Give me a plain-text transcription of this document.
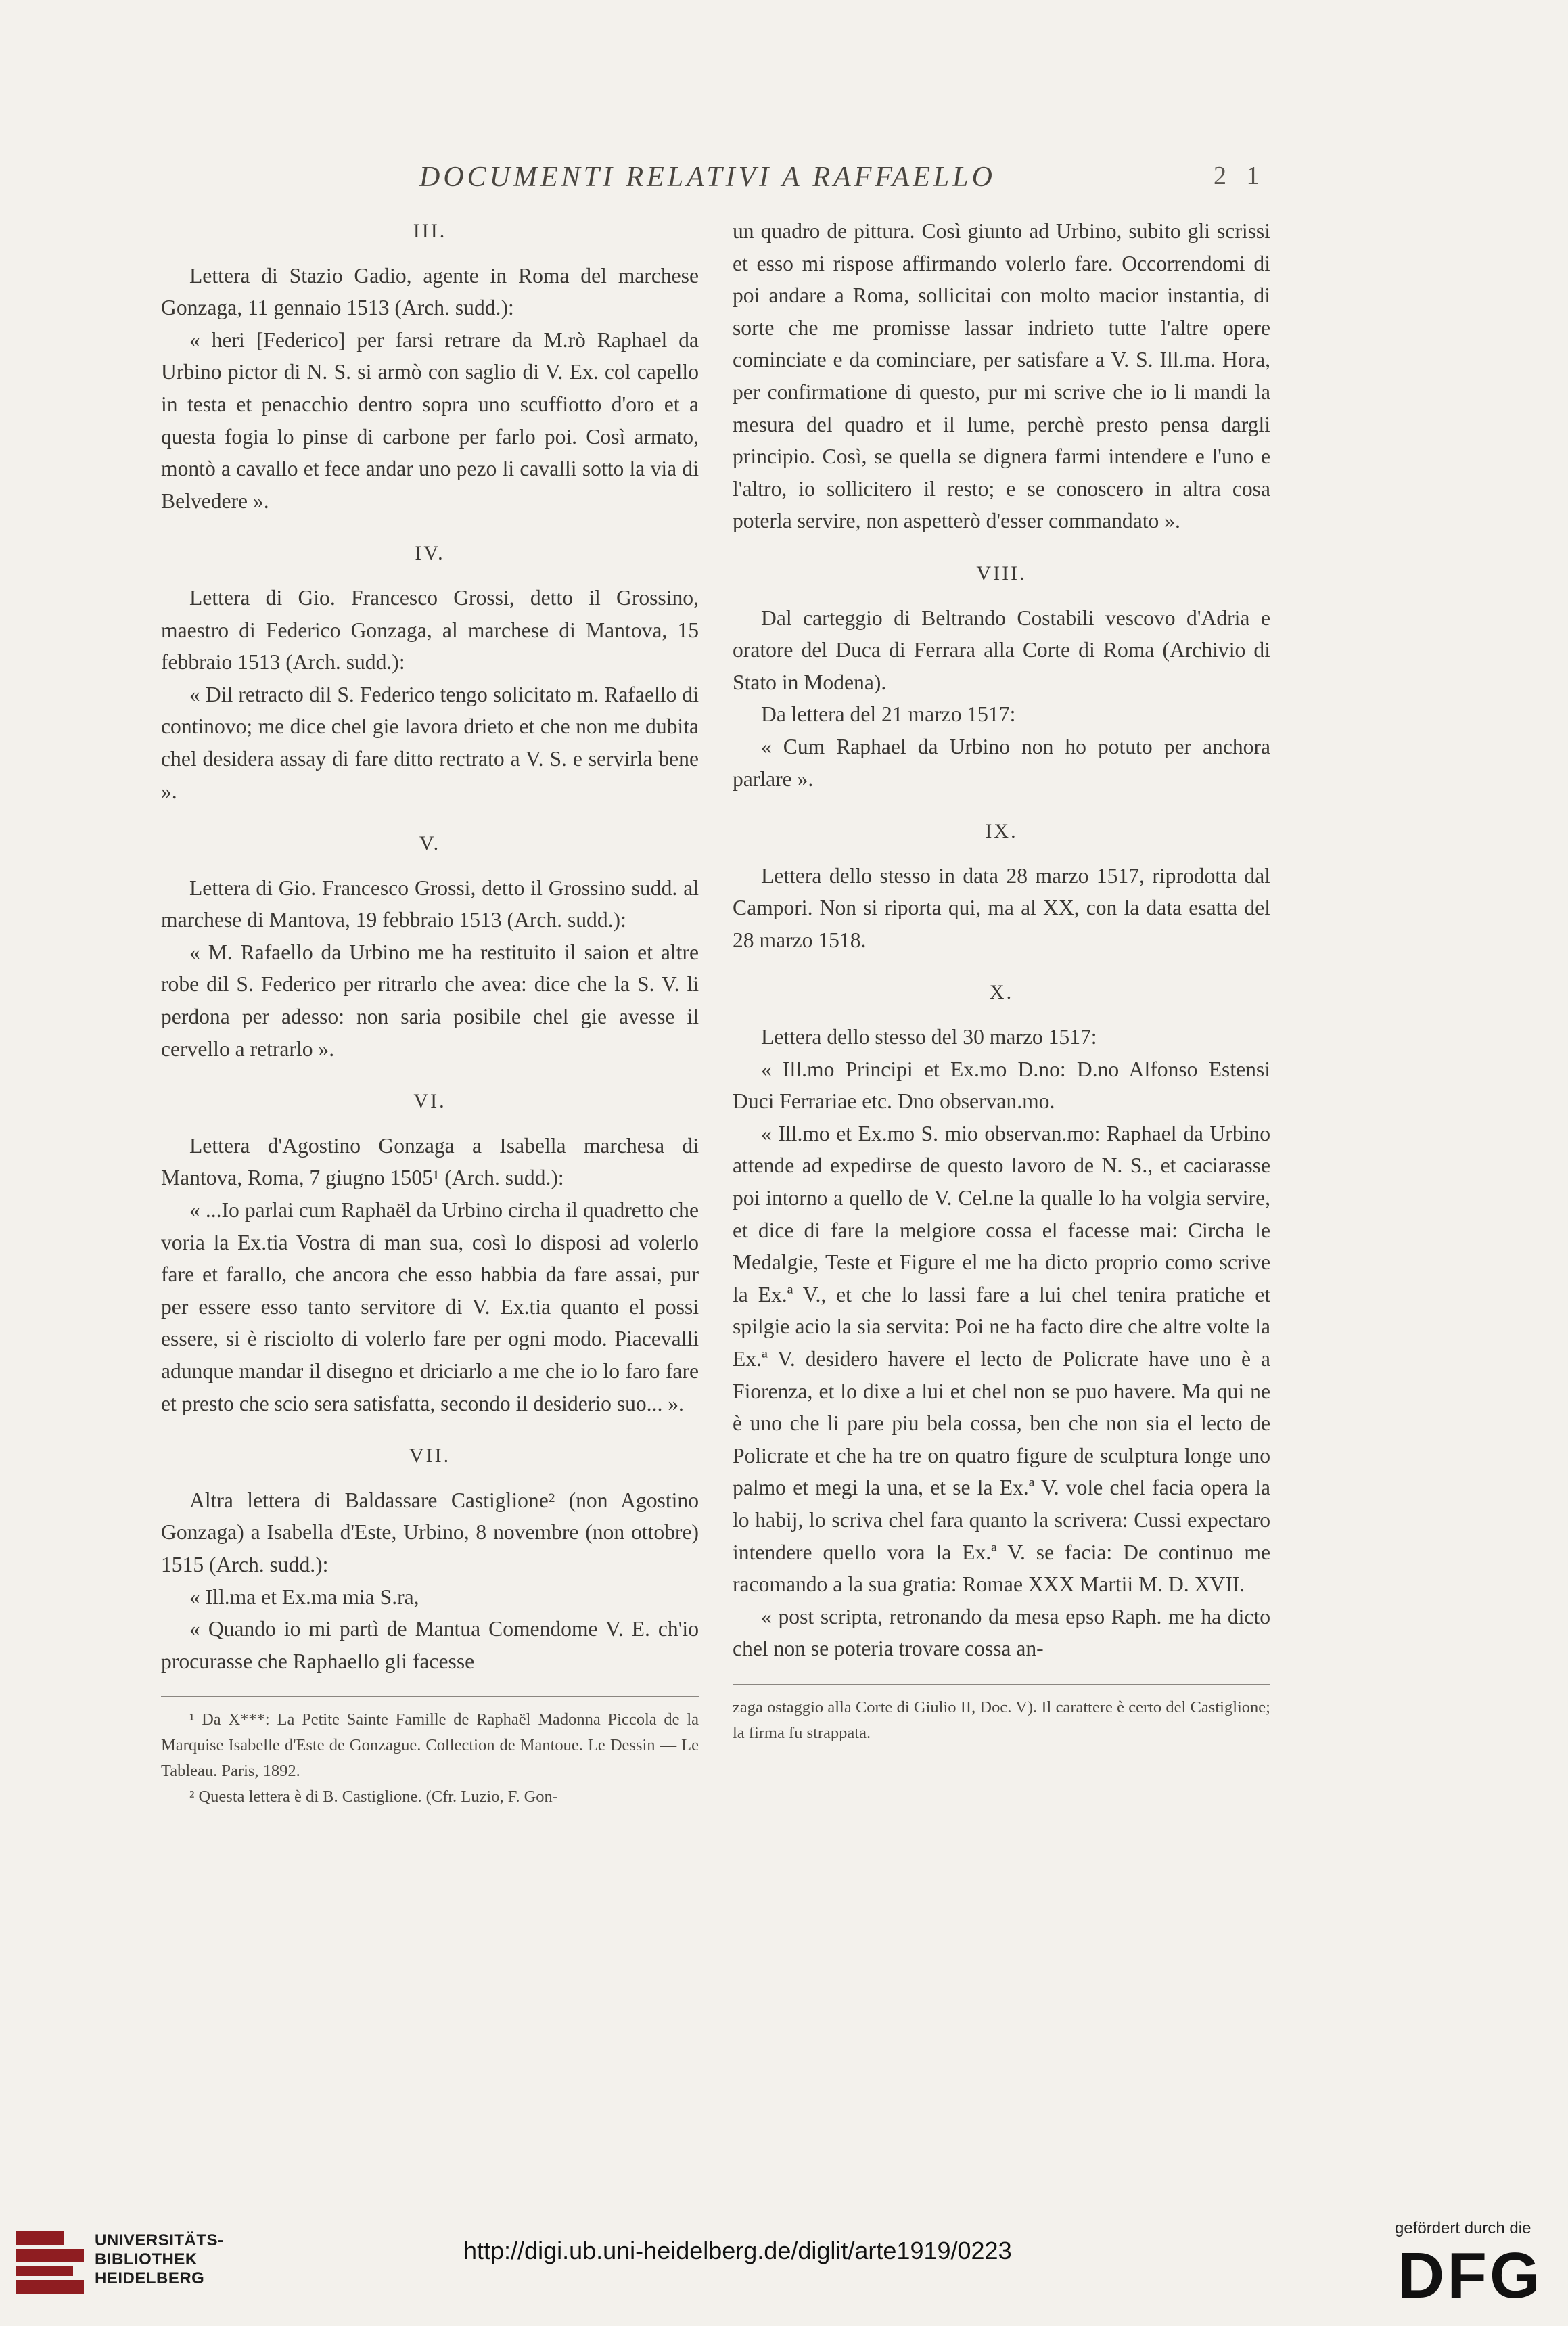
DOCUMENTI RELATIVI A RAFFAELLO	2 1
III.

Lettera di Stazio Gadio, agente in Roma del marchese Gonzaga, 11 gennaio 1513 (Arch. sudd.):

« heri [Federico] per farsi retrare da M.rò Raphael da Urbino pictor di N. S. si armò con saglio di V. Ex. col capello in testa et penacchio dentro sopra uno scuffiotto d'oro et a questa fogia lo pinse di carbone per farlo poi. Così armato, montò a cavallo et fece andar uno pezo li cavalli sotto la via di Belvedere ».

IV.

Lettera di Gio. Francesco Grossi, detto il Grossino, maestro di Federico Gonzaga, al marchese di Mantova, 15 febbraio 1513 (Arch. sudd.):

« Dil retracto dil S. Federico tengo solicitato m. Rafaello di continovo; me dice chel gie lavora drieto et che non me dubita chel desidera assay di fare ditto rectrato a V. S. e servirla bene ».

V.

Lettera di Gio. Francesco Grossi, detto il Grossino sudd. al marchese di Mantova, 19 febbraio 1513 (Arch. sudd.):

« M. Rafaello da Urbino me ha restituito il saion et altre robe dil S. Federico per ritrarlo che avea: dice che la S. V. li perdona per adesso: non saria posibile chel gie avesse il cervello a retrarlo ».

VI.

Lettera d'Agostino Gonzaga a Isabella marchesa di Mantova, Roma, 7 giugno 1505¹ (Arch. sudd.):

« ...Io parlai cum Raphaël da Urbino circha il quadretto che voria la Ex.tia Vostra di man sua, così lo disposi ad volerlo fare et farallo, che ancora che esso habbia da fare assai, pur per essere esso tanto servitore di V. Ex.tia quanto el possi essere, si è risciolto di volerlo fare per ogni modo. Piacevalli adunque mandar il disegno et driciarlo a me che io lo faro fare et presto che scio sera satisfatta, secondo il desiderio suo... ».

VII.

Altra lettera di Baldassare Castiglione² (non Agostino Gonzaga) a Isabella d'Este, Urbino, 8 novembre (non ottobre) 1515 (Arch. sudd.):

« Ill.ma et Ex.ma mia S.ra,

« Quando io mi partì de Mantua Comendome V. E. ch'io procurasse che Raphaello gli facesse

¹ Da X***: La Petite Sainte Famille de Raphaël Madonna Piccola de la Marquise Isabelle d'Este de Gonzague. Collection de Mantoue. Le Dessin — Le Tableau. Paris, 1892.

² Questa lettera è di B. Castiglione. (Cfr. Luzio, F. Gon-

un quadro de pittura. Così giunto ad Urbino, subito gli scrissi et esso mi rispose affirmando volerlo fare. Occorrendomi di poi andare a Roma, sollicitai con molto macior instantia, di sorte che me promisse lassar indrieto tutte l'altre opere cominciate e da cominciare, per satisfare a V. S. Ill.ma. Hora, per confirmatione di questo, pur mi scrive che io li mandi la mesura del quadro et il lume, perchè presto pensa dargli principio. Così, se quella se dignera farmi intendere e l'uno e l'altro, io sollicitero il resto; e se conoscero in altra cosa poterla servire, non aspetterò d'esser commandato ».

VIII.

Dal carteggio di Beltrando Costabili vescovo d'Adria e oratore del Duca di Ferrara alla Corte di Roma (Archivio di Stato in Modena).

Da lettera del 21 marzo 1517:

« Cum Raphael da Urbino non ho potuto per anchora parlare ».

IX.

Lettera dello stesso in data 28 marzo 1517, riprodotta dal Campori. Non si riporta qui, ma al XX, con la data esatta del 28 marzo 1518.

X.

Lettera dello stesso del 30 marzo 1517:

« Ill.mo Principi et Ex.mo D.no: D.no Alfonso Estensi Duci Ferrariae etc. Dno observan.mo.

« Ill.mo et Ex.mo S. mio observan.mo: Raphael da Urbino attende ad expedirse de questo lavoro de N. S., et caciarasse poi intorno a quello de V. Cel.ne la qualle lo ha volgia servire, et dice di fare la melgiore cossa el facesse mai: Circha le Medalgie, Teste et Figure el me ha dicto proprio como scrive la Ex.ª V., et che lo lassi fare a lui chel tenira pratiche et spilgie acio la sia servita: Poi ne ha facto dire che altre volte la Ex.ª V. desidero havere el lecto de Policrate have uno è a Fiorenza, et lo dixe a lui et chel non se puo havere. Ma qui ne è uno che li pare piu bela cossa, ben che non sia el lecto de Policrate et che ha tre on quatro figure de sculptura longe uno palmo et megi la una, et se la Ex.ª V. vole chel facia opera la lo habij, lo scriva chel fara quanto la scrivera: Cussi expectaro intendere quello vora la Ex.ª V. se facia: De continuo me racomando a la sua gratia: Romae XXX Martii M. D. XVII.

« post scripta, retronando da mesa epso Raph. me ha dicto chel non se poteria trovare cossa an-

zaga ostaggio alla Corte di Giulio II, Doc. V). Il carattere è certo del Castiglione; la firma fu strappata.

UNIVERSITÄTS-
BIBLIOTHEK
HEIDELBERG
http://digi.ub.uni-heidelberg.de/diglit/arte1919/0223
gefördert durch die
DFG
